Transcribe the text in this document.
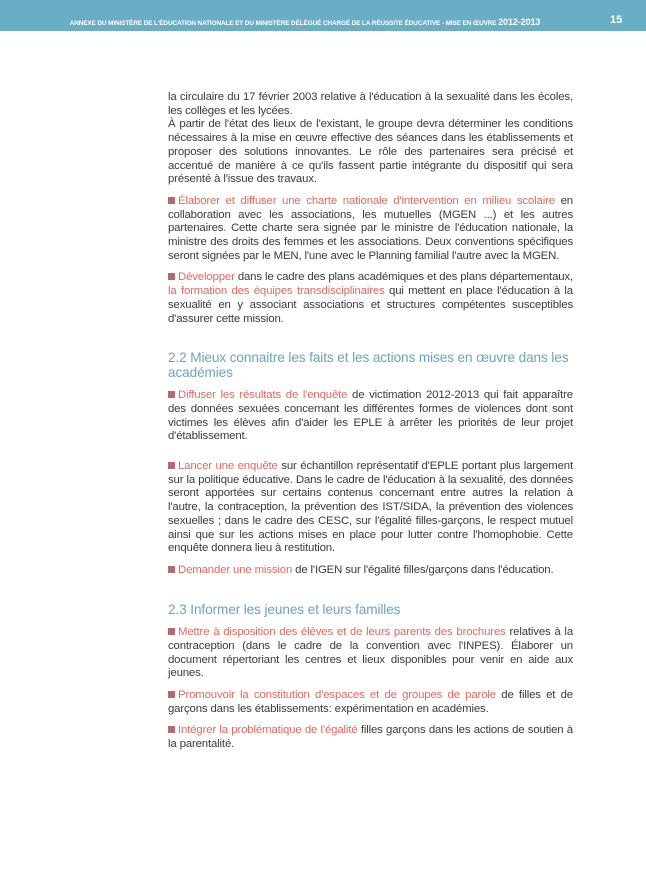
ANNEXE DU MINISTÈRE DE L'ÉDUCATION NATIONALE ET DU MINISTÈRE DÉLÉGUÉ CHARGÉ DE LA RÉUSSITE ÉDUCATIVE - MISE EN ŒUVRE 2012-2013	15

la circulaire du 17 février 2003 relative à l'éducation à la sexualité dans les écoles, les collèges et les lycées.
À partir de l'état des lieux de l'existant, le groupe devra déterminer les conditions nécessaires à la mise en œuvre effective des séances dans les établissements et proposer des solutions innovantes. Le rôle des partenaires sera précisé et accentué de manière à ce qu'ils fassent partie intégrante du dispositif qui sera présenté à l'issue des travaux.

Élaborer et diffuser une charte nationale d'intervention en milieu scolaire en collaboration avec les associations, les mutuelles (MGEN ...) et les autres partenaires. Cette charte sera signée par le ministre de l'éducation nationale, la ministre des droits des femmes et les associations. Deux conventions spécifiques seront signées par le MEN, l'une avec le Planning familial l'autre avec la MGEN.

Développer dans le cadre des plans académiques et des plans départementaux, la formation des équipes transdisciplinaires qui mettent en place l'éducation à la sexualité en y associant associations et structures compétentes susceptibles d'assurer cette mission.

2.2 Mieux connaitre les faits et les actions mises en œuvre dans les académies

Diffuser les résultats de l'enquête de victimation 2012-2013 qui fait apparaître des données sexuées concernant les différentes formes de violences dont sont victimes les élèves afin d'aider les EPLE à arrêter les priorités de leur projet d'établissement.

Lancer une enquête sur échantillon représentatif d'EPLE portant plus largement sur la politique éducative. Dans le cadre de l'éducation à la sexualité, des données seront apportées sur certains contenus concernant entre autres la relation à l'autre, la contraception, la prévention des IST/SIDA, la prévention des violences sexuelles ; dans le cadre des CESC, sur l'égalité filles-garçons, le respect mutuel ainsi que sur les actions mises en place pour lutter contre l'homophobie. Cette enquête donnera lieu à restitution.

Demander une mission de l'IGEN sur l'égalité filles/garçons dans l'éducation.

2.3 Informer les jeunes et leurs familles

Mettre à disposition des élèves et de leurs parents des brochures relatives à la contraception (dans le cadre de la convention avec l'INPES). Élaborer un document répertoriant les centres et lieux disponibles pour venir en aide aux jeunes.

Promouvoir la constitution d'espaces et de groupes de parole de filles et de garçons dans les établissements: expérimentation en académies.

Intégrer la problématique de l'égalité filles garçons dans les actions de soutien à la parentalité.
